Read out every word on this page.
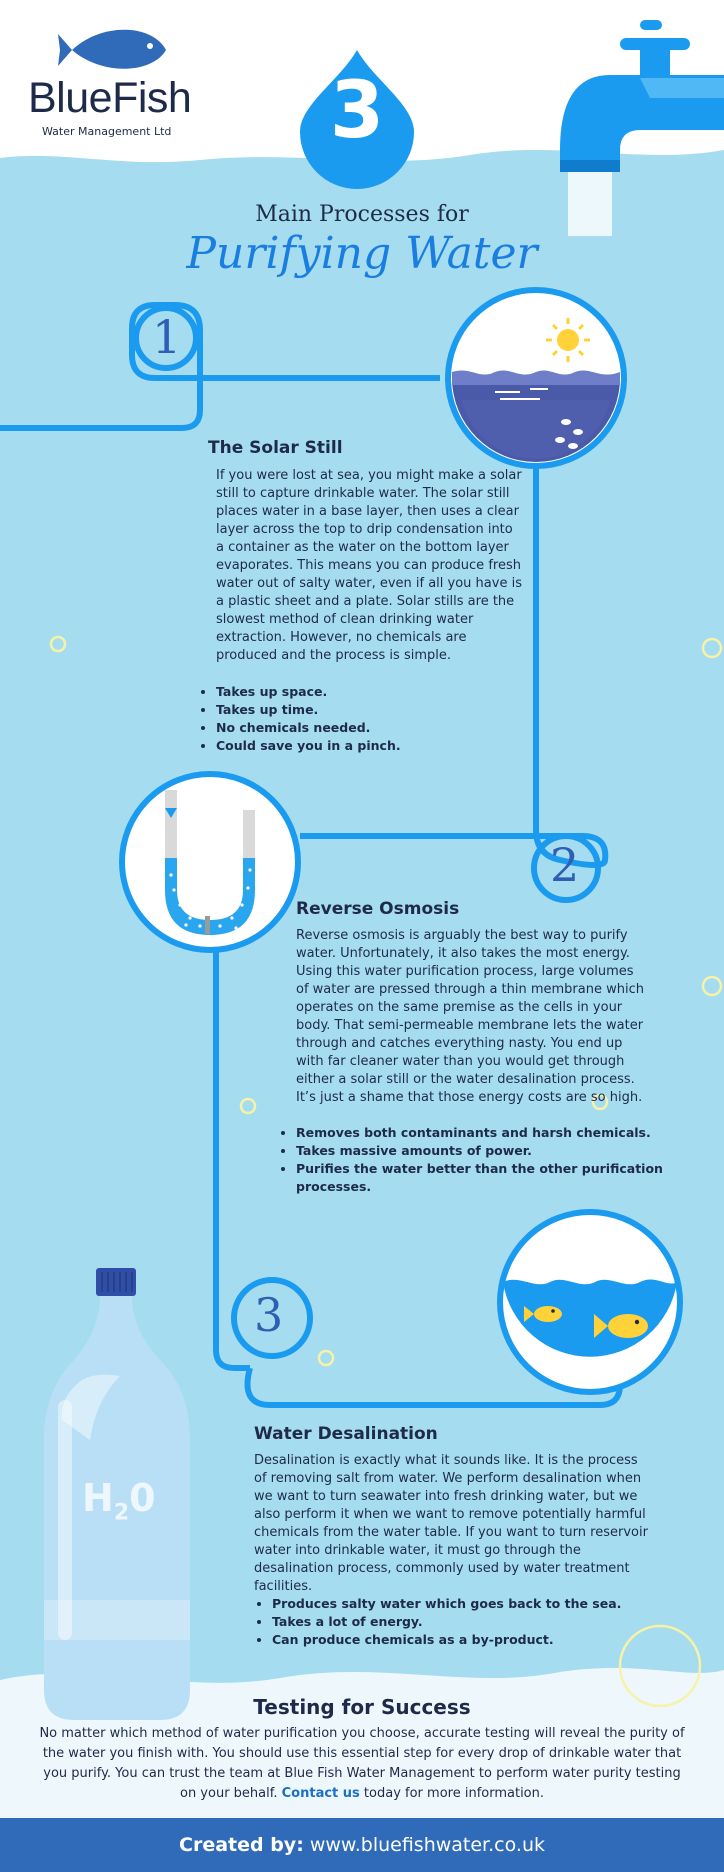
BlueFish
Water Management Ltd	3
Main Processes for
Purifying Water
1
2
3
The Solar Still

If you were lost at sea, you might make a solar still to capture drinkable water. The solar still places water in a base layer, then uses a clear layer across the top to drip condensation into a container as the water on the bottom layer evaporates. This means you can produce fresh water out of salty water, even if all you have is a plastic sheet and a plate. Solar stills are the slowest method of clean drinking water extraction. However, no chemicals are produced and the process is simple.

• Takes up space.
• Takes up time.
• No chemicals needed.
• Could save you in a pinch.
Reverse Osmosis

Reverse osmosis is arguably the best way to purify water. Unfortunately, it also takes the most energy. Using this water purification process, large volumes of water are pressed through a thin membrane which operates on the same premise as the cells in your body. That semi-permeable membrane lets the water through and catches everything nasty. You end up with far cleaner water than you would get through either a solar still or the water desalination process. It’s just a shame that those energy costs are so high.

• Removes both contaminants and harsh chemicals.
• Takes massive amounts of power.
• Purifies the water better than the other purification processes.
Water Desalination

Desalination is exactly what it sounds like. It is the process of removing salt from water. We perform desalination when we want to turn seawater into fresh drinking water, but we also perform it when we want to remove potentially harmful chemicals from the water table. If you want to turn reservoir water into drinkable water, it must go through the desalination process, commonly used by water treatment facilities.

• Produces salty water which goes back to the sea.
• Takes a lot of energy.
• Can produce chemicals as a by-product.
$H_20$
Testing for Success

No matter which method of water purification you choose, accurate testing will reveal the purity of the water you finish with. You should use this essential step for every drop of drinkable water that you purify. You can trust the team at Blue Fish Water Management to perform water purity testing on your behalf. Contact us today for more information.

Created by: www.bluefishwater.co.uk
